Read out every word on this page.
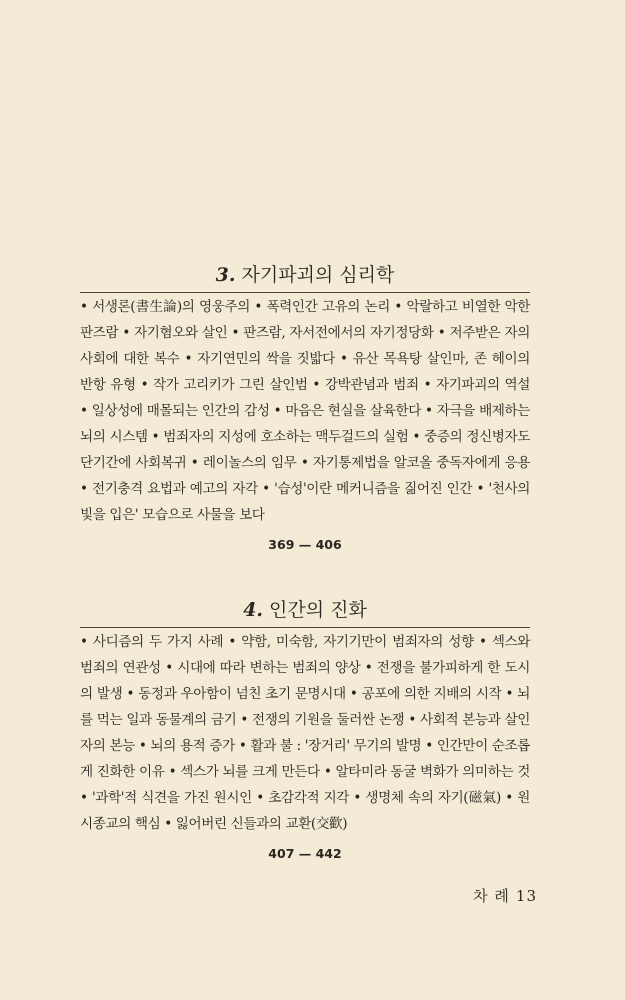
3. 자기파괴의 심리학
• 서생론(書生論)의 영웅주의 • 폭력인간 고유의 논리 • 악랄하고 비열한 악한 판즈람 • 자기혐오와 살인 • 판즈람, 자서전에서의 자기정당화 • 저주받은 자의 사회에 대한 복수 • 자기연민의 싹을 짓밟다 • 유산 목욕탕 살인마, 존 헤이의 반항 유형 • 작가 고리키가 그린 살인범 • 강박관념과 범죄 • 자기파괴의 역설 • 일상성에 매몰되는 인간의 감성 • 마음은 현실을 살육한다 • 자극을 배제하는 뇌의 시스템 • 범죄자의 지성에 호소하는 맥두걸드의 실험 • 중증의 정신병자도 단기간에 사회복귀 • 레이놀스의 임무 • 자기통제법을 알코올 중독자에게 응용 • 전기충격 요법과 예고의 자각 • '습성'이란 메커니즘을 짊어진 인간 • '천사의 빛을 입은' 모습으로 사물을 보다
369 — 406
4. 인간의 진화
• 사디즘의 두 가지 사례 • 약함, 미숙함, 자기기만이 범죄자의 성향 • 섹스와 범죄의 연관성 • 시대에 따라 변하는 범죄의 양상 • 전쟁을 불가피하게 한 도시의 발생 • 동정과 우아함이 넘친 초기 문명시대 • 공포에 의한 지배의 시작 • 뇌를 먹는 일과 동물계의 금기 • 전쟁의 기원을 둘러싼 논쟁 • 사회적 본능과 살인자의 본능 • 뇌의 용적 증가 • 활과 불 : '장거리' 무기의 발명 • 인간만이 순조롭게 진화한 이유 • 섹스가 뇌를 크게 만든다 • 알타미라 동굴 벽화가 의미하는 것 • '과학'적 식견을 가진 원시인 • 초감각적 지각 • 생명체 속의 자기(磁氣) • 원시종교의 핵심 • 잃어버린 신들과의 교환(交歡)
407 — 442
차 례 13
